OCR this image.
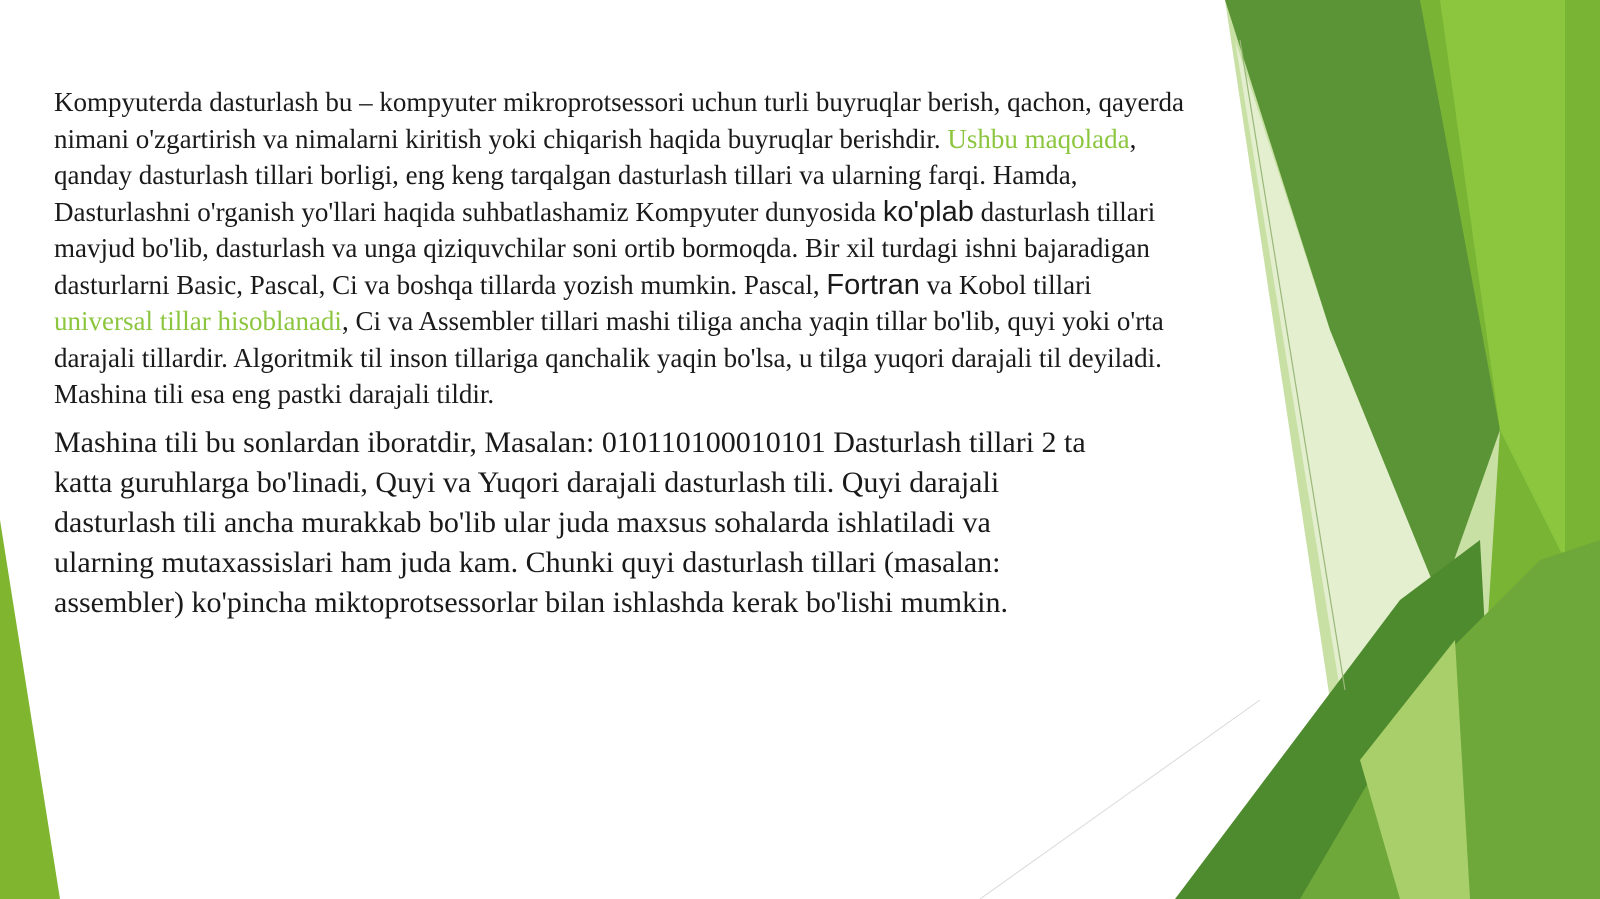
Kompyuterda dasturlash bu – kompyuter mikroprotsessori uchun turli buyruqlar berish, qachon, qayerda nimani o'zgartirish va nimalarni kiritish yoki chiqarish haqida buyruqlar berishdir. Ushbu maqolada, qanday dasturlash tillari borligi, eng keng tarqalgan dasturlash tillari va ularning farqi. Hamda, Dasturlashni o'rganish yo'llari haqida suhbatlashamiz Kompyuter dunyosida ko'plab dasturlash tillari mavjud bo'lib, dasturlash va unga qiziquvchilar soni ortib bormoqda. Bir xil turdagi ishni bajaradigan dasturlarni Basic, Pascal, Ci va boshqa tillarda yozish mumkin. Pascal, Fortran va Kobol tillari universal tillar hisoblanadi, Ci va Assembler tillari mashi tiliga ancha yaqin tillar bo'lib, quyi yoki o'rta darajali tillardir. Algoritmik til inson tillariga qanchalik yaqin bo'lsa, u tilga yuqori darajali til deyiladi. Mashina tili esa eng pastki darajali tildir.

Mashina tili bu sonlardan iboratdir, Masalan: 010110100010101 Dasturlash tillari 2 ta katta guruhlarga bo'linadi, Quyi va Yuqori darajali dasturlash tili. Quyi darajali dasturlash tili ancha murakkab bo'lib ular juda maxsus sohalarda ishlatiladi va ularning mutaxassislari ham juda kam. Chunki quyi dasturlash tillari (masalan: assembler) ko'pincha miktoprotsessorlar bilan ishlashda kerak bo'lishi mumkin.
